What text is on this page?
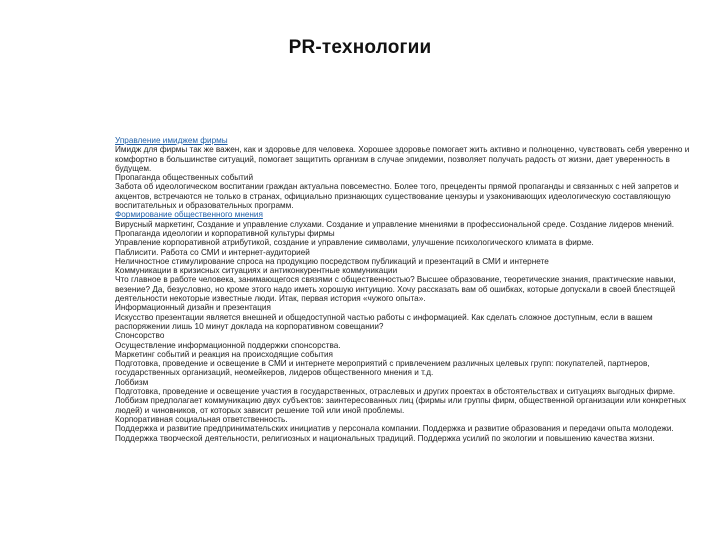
PR-технологии

Управление имиджем фирмы

Имидж для фирмы так же важен, как и здоровье для человека. Хорошее здоровье помогает жить активно и полноценно, чувствовать себя уверенно и комфортно в большинстве ситуаций, помогает защитить организм в случае эпидемии, позволяет получать радость от жизни, дает уверенность в будущем.

Пропаганда общественных событий

Забота об идеологическом воспитании граждан актуальна повсеместно. Более того, прецеденты прямой пропаганды и связанных с ней запретов и акцентов, встречаются не только в странах, официально признающих существование цензуры и узаконивающих идеологическую составляющую воспитательных и образовательных программ.

Формирование общественного мнения

Вирусный маркетинг, Создание и управление слухами. Создание и управление мнениями в профессиональной среде. Создание лидеров мнений.

Пропаганда идеологии и корпоративной культуры фирмы

Управление корпоративной атрибутикой, создание и управление символами, улучшение психологического климата в фирме.

Паблисити. Работа со СМИ и интернет-аудиторией

Неличностное стимулирование спроса на продукцию посредством публикаций и презентаций в СМИ и интернете

Коммуникации в кризисных ситуациях и антиконкурентные коммуникации

Что главное в работе человека, занимающегося связями с общественностью? Высшее образование, теоретические знания, практические навыки, везение? Да, безусловно, но кроме этого надо иметь хорошую интуицию. Хочу рассказать вам об ошибках, которые допускали в своей блестящей деятельности некоторые известные люди. Итак, первая история «чужого опыта».

Информационный дизайн и презентация

Искусство презентации является внешней и общедоступной частью работы с информацией. Как сделать сложное доступным, если в вашем распоряжении лишь 10 минут доклада на корпоративном совещании?

Спонсорство

Осуществление информационной поддержки спонсорства.

Маркетинг событий и реакция на происходящие события

Подготовка, проведение и освещение в СМИ и интернете мероприятий с привлечением различных целевых групп: покупателей, партнеров, государственных организаций, неомейкеров, лидеров общественного мнения и т.д.

Лоббизм

Подготовка, проведение и освещение участия в государственных, отраслевых и других проектах в обстоятельствах и ситуациях выгодных фирме. Лоббизм предполагает коммуникацию двух субъектов: заинтересованных лиц (фирмы или группы фирм, общественной организации или конкретных людей) и чиновников, от которых зависит решение той или иной проблемы.

Корпоративная социальная ответственность.

Поддержка и развитие предпринимательских инициатив у персонала компании. Поддержка и развитие образования и передачи опыта молодежи. Поддержка творческой деятельности, религиозных и национальных традиций. Поддержка усилий по экологии и повышению качества жизни.
